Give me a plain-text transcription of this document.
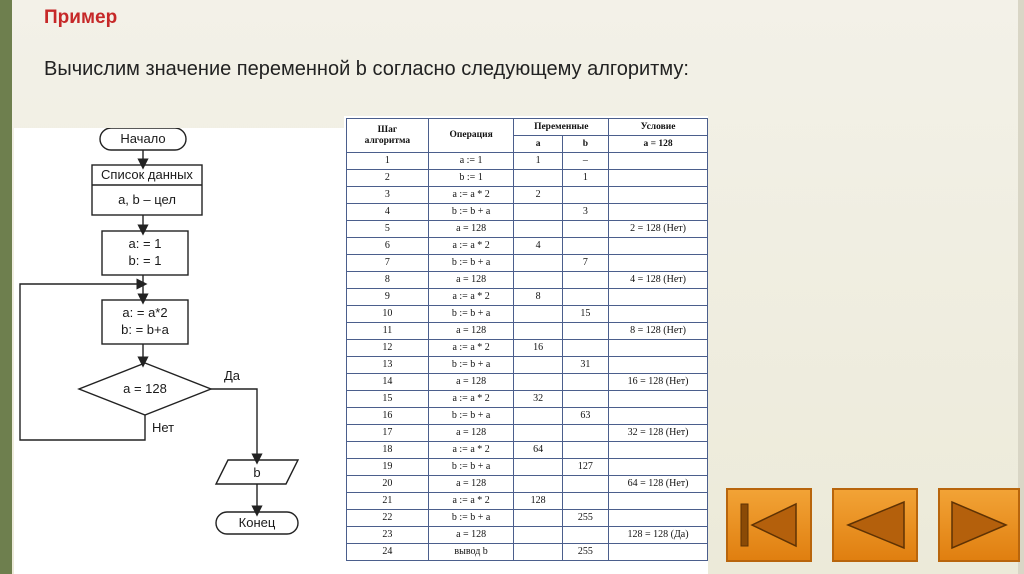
Пример
Вычислим значение переменной b согласно следующему алгоритму:
Начало
Список данных
a, b – цел
a: = 1
b: = 1
a: = a*2
b: = b+a
a = 128
Да
Нет
b
Конец
Шаг
алгоритма	Операция	Переменные		Условие
		a	b	a = 128
1	a := 1	1	–	
2	b := 1		1	
3	a := a * 2	2		
4	b := b + a		3	
5	a = 128			2 = 128 (Нет)
6	a := a * 2	4		
7	b := b + a		7	
8	a = 128			4 = 128 (Нет)
9	a := a * 2	8		
10	b := b + a		15	
11	a = 128			8 = 128 (Нет)
12	a := a * 2	16		
13	b := b + a		31	
14	a = 128			16 = 128 (Нет)
15	a := a * 2	32		
16	b := b + a		63	
17	a = 128			32 = 128 (Нет)
18	a := a * 2	64		
19	b := b + a		127	
20	a = 128			64 = 128 (Нет)
21	a := a * 2	128		
22	b := b + a		255	
23	a = 128			128 = 128 (Да)
24	вывод b		255	
